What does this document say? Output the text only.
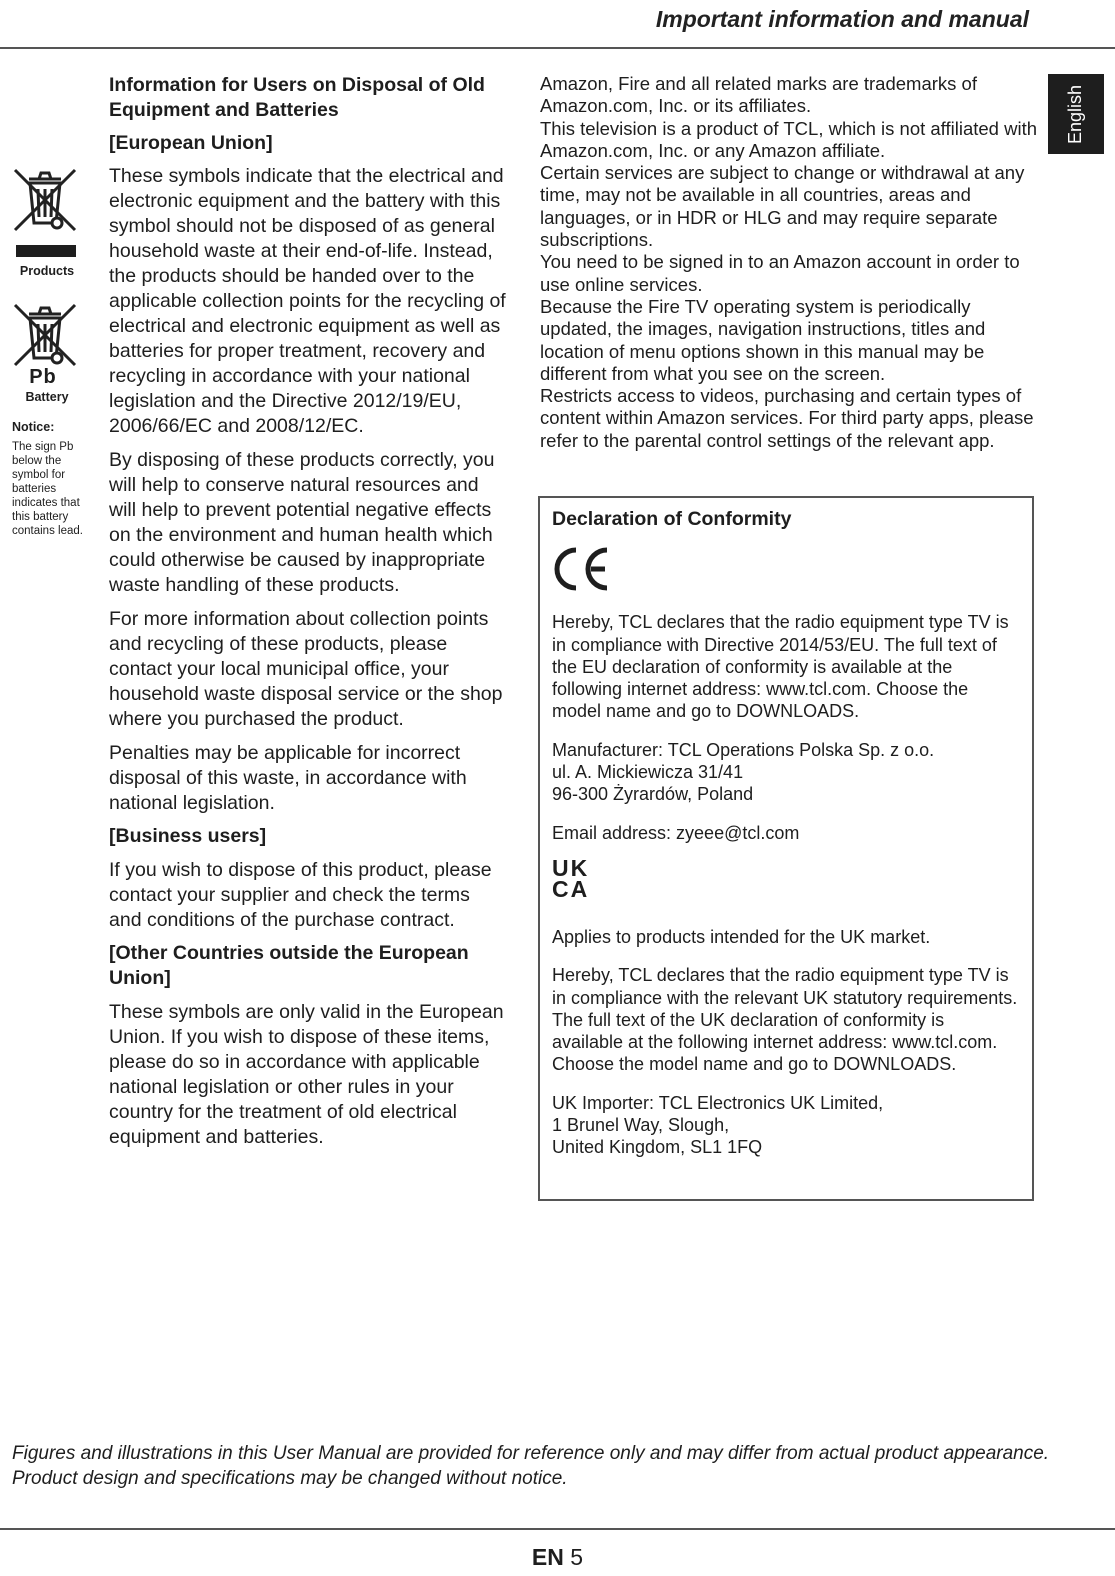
Important information and manual
English
Products
Pb
Battery
Notice:
The sign Pb below the symbol for batteries indicates that this battery contains lead.
Information for Users on Disposal of Old Equipment and Batteries
[European Union]

These symbols indicate that the electrical and electronic equipment and the battery with this symbol should not be disposed of as general household waste at their end-of-life. Instead, the products should be handed over to the applicable collection points for the recycling of electrical and electronic equipment as well as batteries for proper treatment, recovery and recycling in accordance with your national legislation and the Directive 2012/19/EU, 2006/66/EC and 2008/12/EC.

By disposing of these products correctly, you will help to conserve natural resources and will help to prevent potential negative effects on the environment and human health which could otherwise be caused by inappropriate waste handling of these products.

For more information about collection points and recycling of these products, please contact your local municipal office, your household waste disposal service or the shop where you purchased the product.

Penalties may be applicable for incorrect disposal of this waste, in accordance with national legislation.

[Business users]

If you wish to dispose of this product, please contact your supplier and check the terms and conditions of the purchase contract.

[Other Countries outside the European Union]

These symbols are only valid in the European Union. If you wish to dispose of these items, please do so in accordance with applicable national legislation or other rules in your country for the treatment of old electrical equipment and batteries.

Amazon, Fire and all related marks are trademarks of Amazon.com, Inc. or its affiliates.

This television is a product of TCL, which is not affiliated with Amazon.com, Inc. or any Amazon affiliate.

Certain services are subject to change or withdrawal at any time, may not be available in all countries, areas and languages, or in HDR or HLG and may require separate subscriptions.

You need to be signed in to an Amazon account in order to use online services.

Because the Fire TV operating system is periodically updated, the images, navigation instructions, titles and location of menu options shown in this manual may be different from what you see on the screen.

Restricts access to videos, purchasing and certain types of content within Amazon services. For third party apps, please refer to the parental control settings of the relevant app.

Declaration of Conformity

Hereby, TCL declares that the radio equipment type TV is in compliance with Directive 2014/53/EU. The full text of the EU declaration of conformity is available at the following internet address: www.tcl.com. Choose the model name and go to DOWNLOADS.

Manufacturer: TCL Operations Polska Sp. z o.o.

ul. A. Mickiewicza 31/41

96-300 Żyrardów, Poland

Email address: zyeee@tcl.com

UK
CA

Applies to products intended for the UK market.

Hereby, TCL declares that the radio equipment type TV is in compliance with the relevant UK statutory requirements. The full text of the UK declaration of conformity is available at the following internet address: www.tcl.com. Choose the model name and go to DOWNLOADS.

UK Importer: TCL Electronics UK Limited,

1 Brunel Way, Slough,

United Kingdom, SL1 1FQ

Figures and illustrations in this User Manual are provided for reference only and may differ from actual product appearance. Product design and specifications may be changed without notice.
EN 5
